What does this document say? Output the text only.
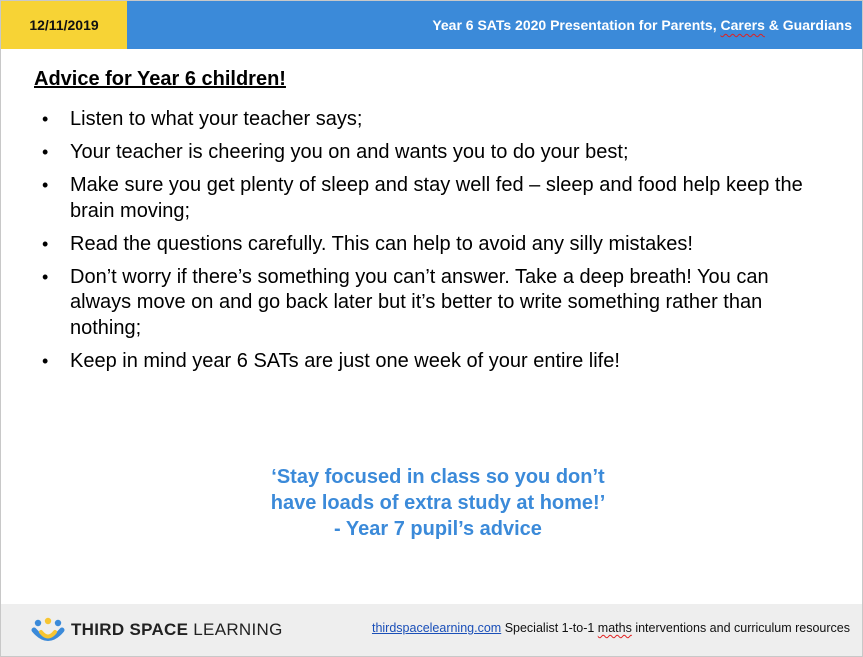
12/11/2019	Year 6 SATs 2020 Presentation for Parents, Carers & Guardians
Advice for Year 6 children!
• Listen to what your teacher says;
• Your teacher is cheering you on and wants you to do your best;
• Make sure you get plenty of sleep and stay well fed – sleep and food help keep the brain moving;
• Read the questions carefully. This can help to avoid any silly mistakes!
• Don’t worry if there’s something you can’t answer. Take a deep breath! You can always move on and go back later but it’s better to write something rather than nothing;
• Keep in mind year 6 SATs are just one week of your entire life!
‘Stay focused in class so you don’t
have loads of extra study at home!’
- Year 7 pupil’s advice
THIRD SPACE LEARNING	thirdspacelearning.com Specialist 1-to-1 maths interventions and curriculum resources
